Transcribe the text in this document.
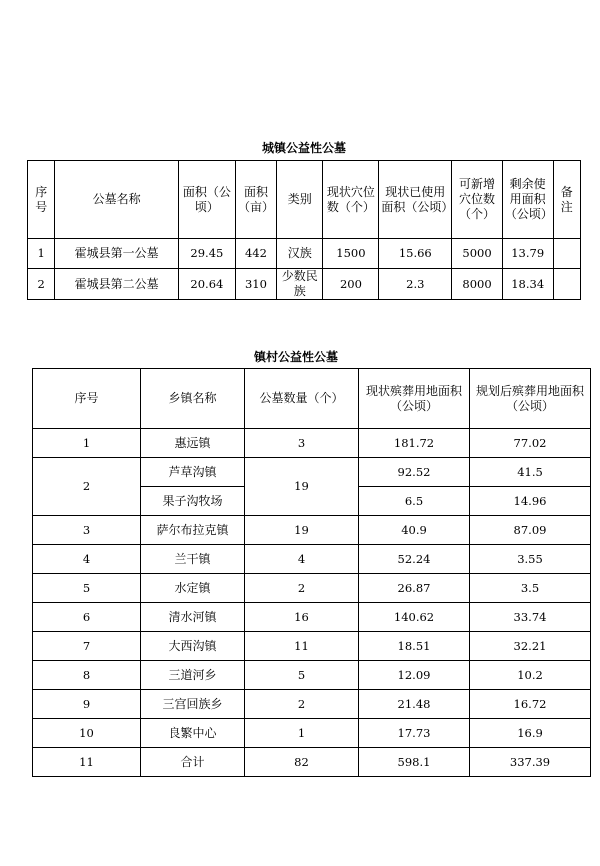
城镇公益性公墓
序号	公墓名称	面积（公顷）	面积（亩）	类别	现状穴位数（个）	现状已使用面积（公顷）	可新增穴位数（个）	剩余使用面积（公顷）	备注
1	霍城县第一公墓	29.45	442	汉族	1500	15.66	5000	13.79	
2	霍城县第二公墓	20.64	310	少数民族	200	2.3	8000	18.34	
镇村公益性公墓
序号	乡镇名称	公墓数量（个）	现状殡葬用地面积（公顷）	规划后殡葬用地面积（公顷）
1	惠远镇	3	181.72	77.02
2	芦草沟镇	19	92.52	41.5
	果子沟牧场		6.5	14.96
3	萨尔布拉克镇	19	40.9	87.09
4	兰干镇	4	52.24	3.55
5	水定镇	2	26.87	3.5
6	清水河镇	16	140.62	33.74
7	大西沟镇	11	18.51	32.21
8	三道河乡	5	12.09	10.2
9	三宫回族乡	2	21.48	16.72
10	良繁中心	1	17.73	16.9
11	合计	82	598.1	337.39
